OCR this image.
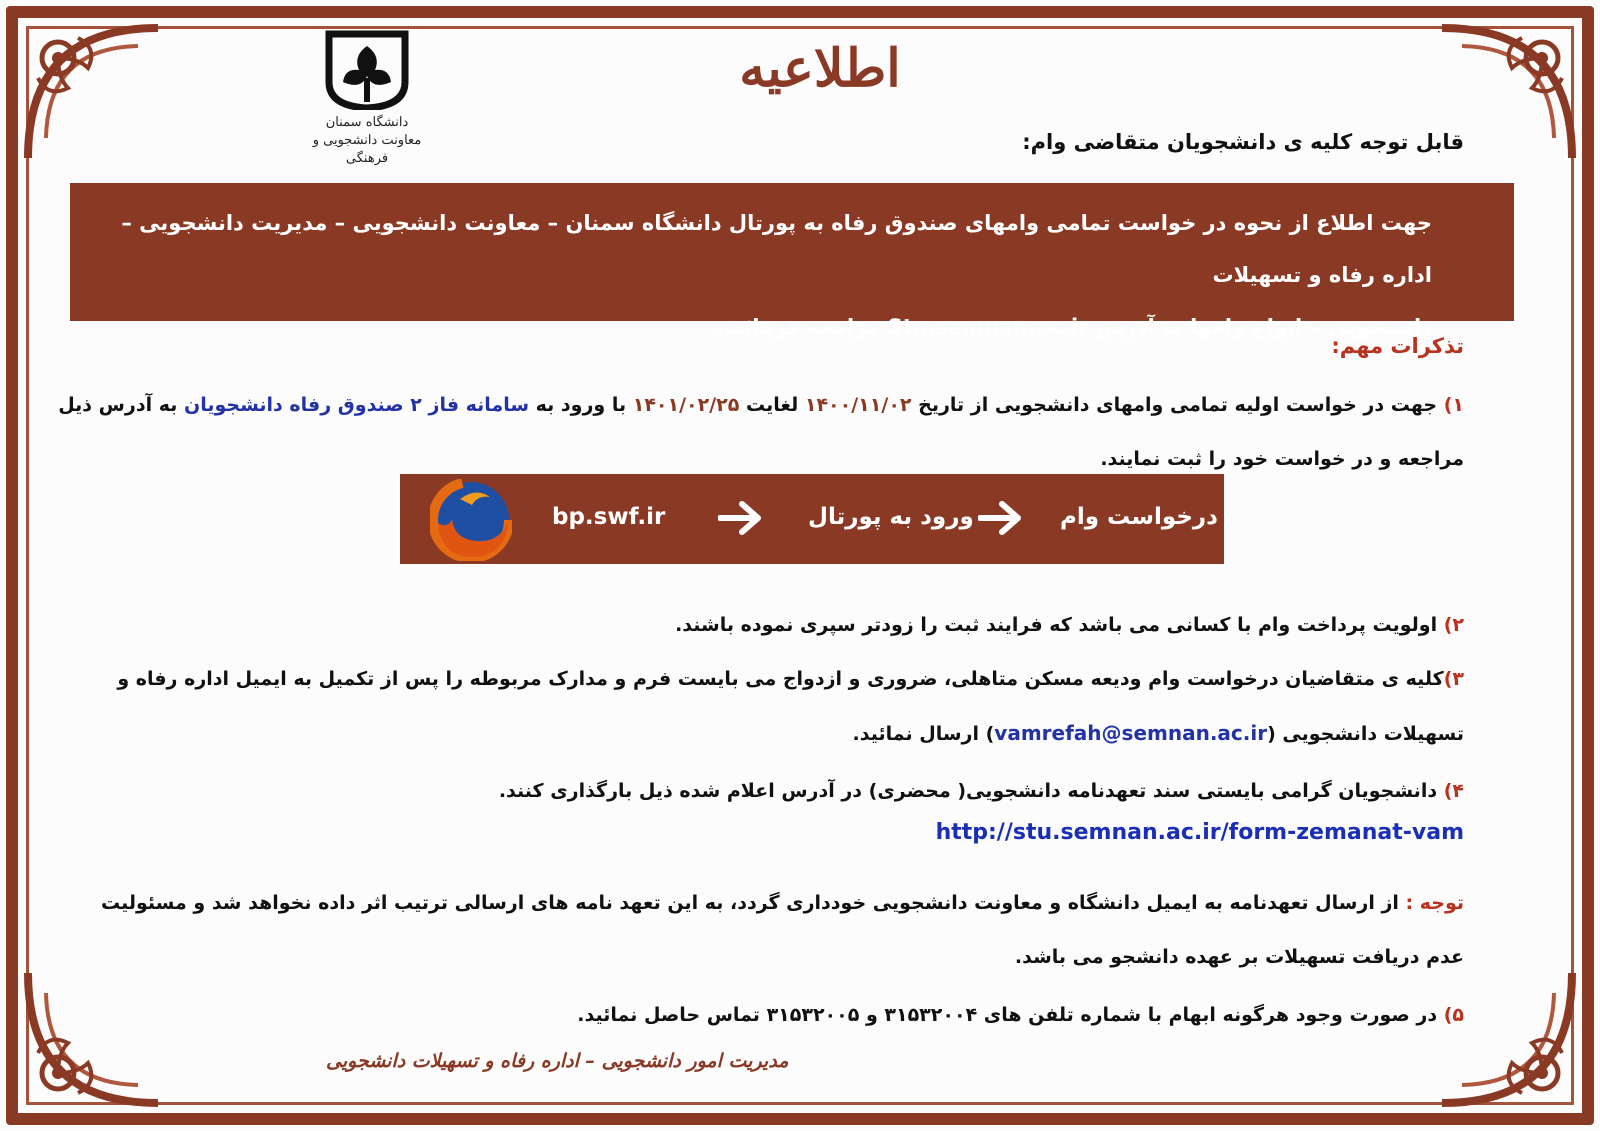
دانشگاه سمنان
معاونت دانشجویی و فرهنگی
اطلاعیه
قابل توجه کلیه ی دانشجویان متقاضی وام:
جهت اطلاع از نحوه در خواست تمامی وامهای صندوق رفاه به پورتال دانشگاه سمنان – معاونت دانشجویی – مدیریت دانشجویی – اداره رفاه و تسهیلات
دانشجویی – انواع وامها به آدرس Stu.semnan.ac.ir مراجعه فرمائید.
تذکرات مهم:
۱) جهت در خواست اولیه تمامی وامهای دانشجویی از تاریخ ۱۴۰۰/۱۱/۰۲ لغایت ۱۴۰۱/۰۲/۲۵ با ورود به سامانه فاز ۲ صندوق رفاه دانشجویان به آدرس ذیل مراجعه و در خواست خود را ثبت نمایند.
bp.swf.ir	ورود به پورتال	درخواست وام
۲) اولویت پرداخت وام با کسانی می باشد که فرایند ثبت را زودتر سپری نموده باشند.
۳)کلیه ی متقاضیان درخواست وام ودیعه مسکن متاهلی، ضروری و ازدواج می بایست فرم و مدارک مربوطه را پس از تکمیل به ایمیل اداره رفاه و تسهیلات دانشجویی (vamrefah@semnan.ac.ir) ارسال نمائید.
۴) دانشجویان گرامی بایستی سند تعهدنامه دانشجویی( محضری) در آدرس اعلام شده ذیل بارگذاری کنند.
http://stu.semnan.ac.ir/form-zemanat-vam
توجه : از ارسال تعهدنامه به ایمیل دانشگاه و معاونت دانشجویی خودداری گردد، به این تعهد نامه های ارسالی ترتیب اثر داده نخواهد شد و مسئولیت عدم دریافت تسهیلات بر عهده دانشجو می باشد.
۵) در صورت وجود هرگونه ابهام با شماره تلفن های ۳۱۵۳۲۰۰۴ و ۳۱۵۳۲۰۰۵ تماس حاصل نمائید.
مدیریت امور دانشجویی – اداره رفاه و تسهیلات دانشجویی
